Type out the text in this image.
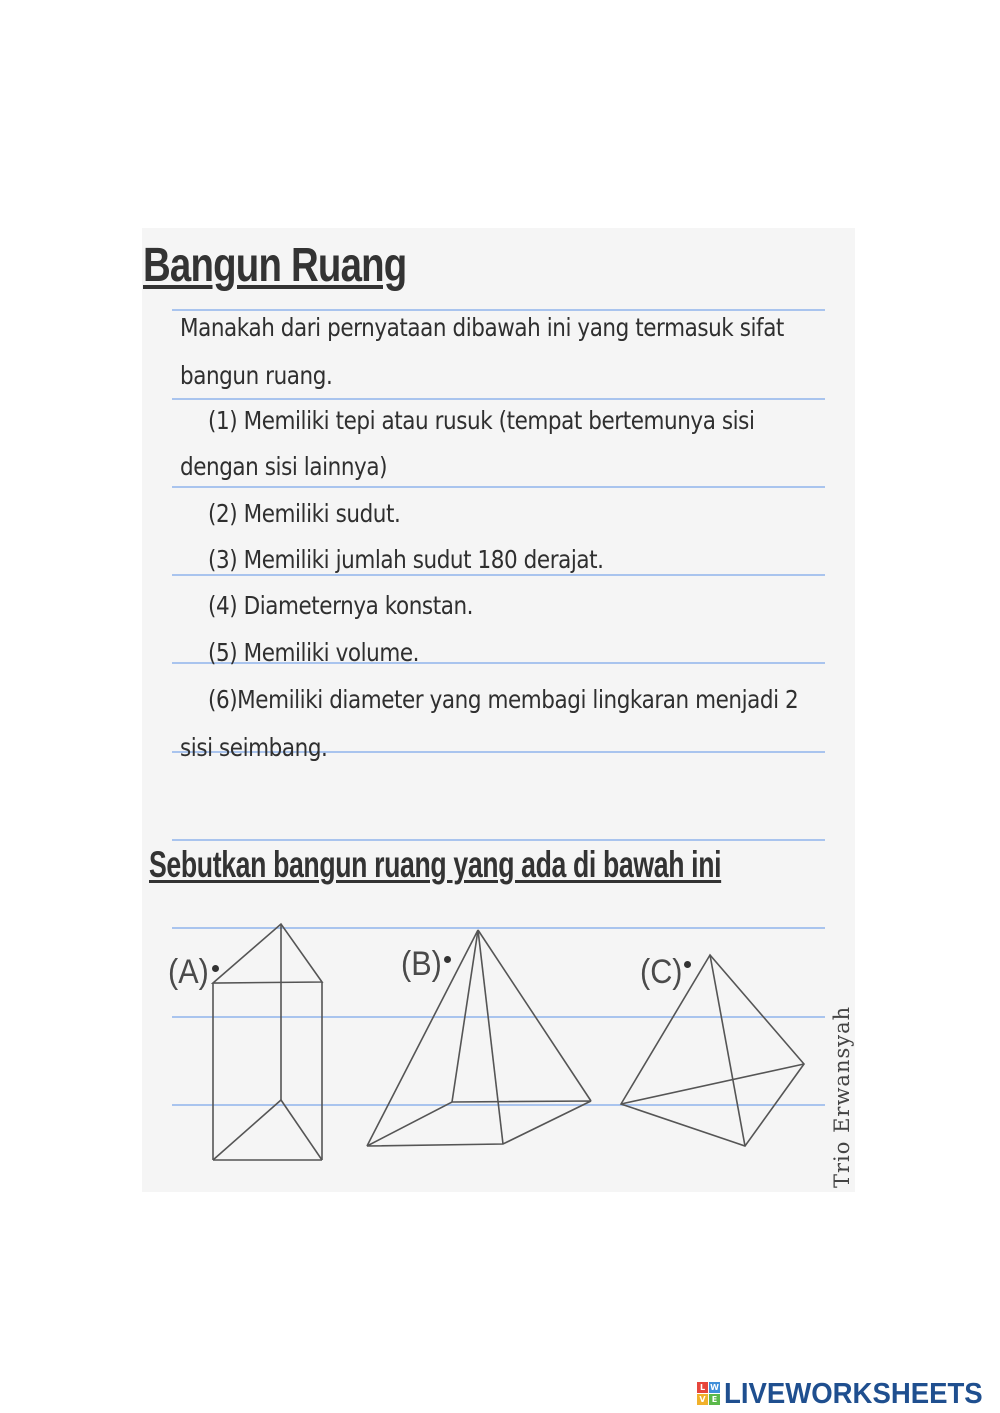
Bangun Ruang

Manakah dari pernyataan dibawah ini yang termasuk sifat

bangun ruang.

(1) Memiliki tepi atau rusuk (tempat bertemunya sisi

dengan sisi lainnya)

(2) Memiliki sudut.

(3) Memiliki jumlah sudut 180 derajat.

(4) Diameternya konstan.

(5) Memiliki volume.

(6)Memiliki diameter yang membagi lingkaran menjadi 2

sisi seimbang.

Sebutkan bangun ruang yang ada di bawah ini

(A)	(B)	(C)

Trio Erwansyah

L W
V E LIVEWORKSHEETS
